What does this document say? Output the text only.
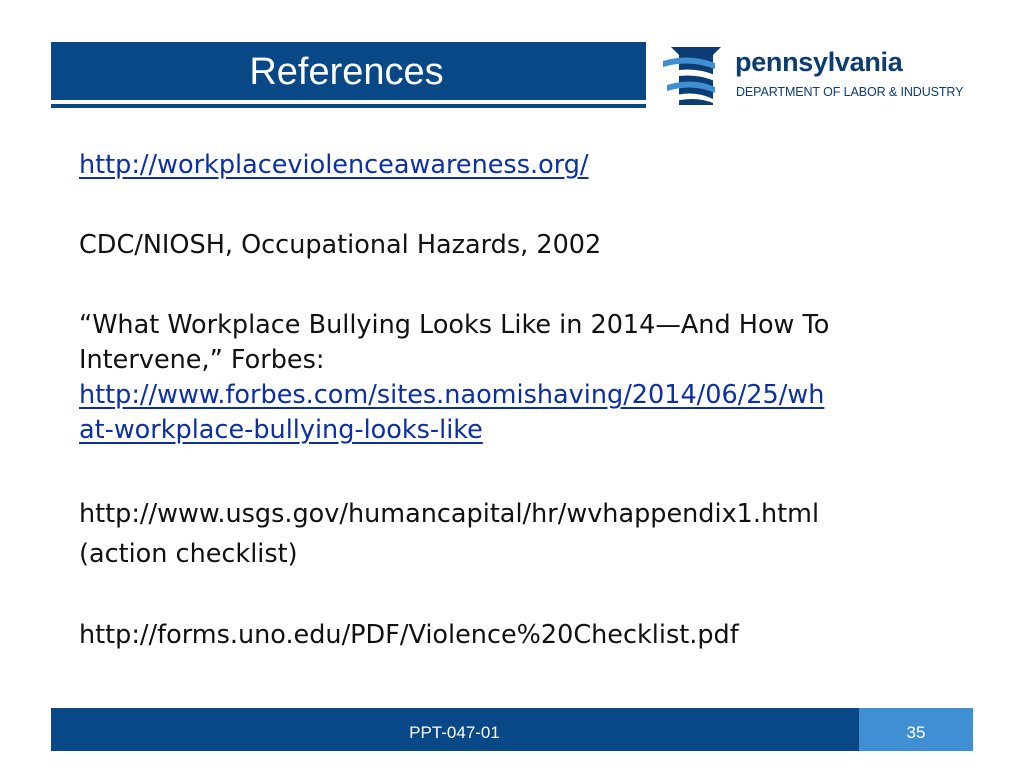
References	pennsylvania
DEPARTMENT OF LABOR & INDUSTRY

http://workplaceviolenceawareness.org/

CDC/NIOSH, Occupational Hazards, 2002

“What Workplace Bullying Looks Like in 2014—And How To
Intervene,” Forbes:
http://www.forbes.com/sites.naomishaving/2014/06/25/wh
at-workplace-bullying-looks-like

http://www.usgs.gov/humancapital/hr/wvhappendix1.html
(action checklist)

http://forms.uno.edu/PDF/Violence%20Checklist.pdf

PPT-047-01	35
